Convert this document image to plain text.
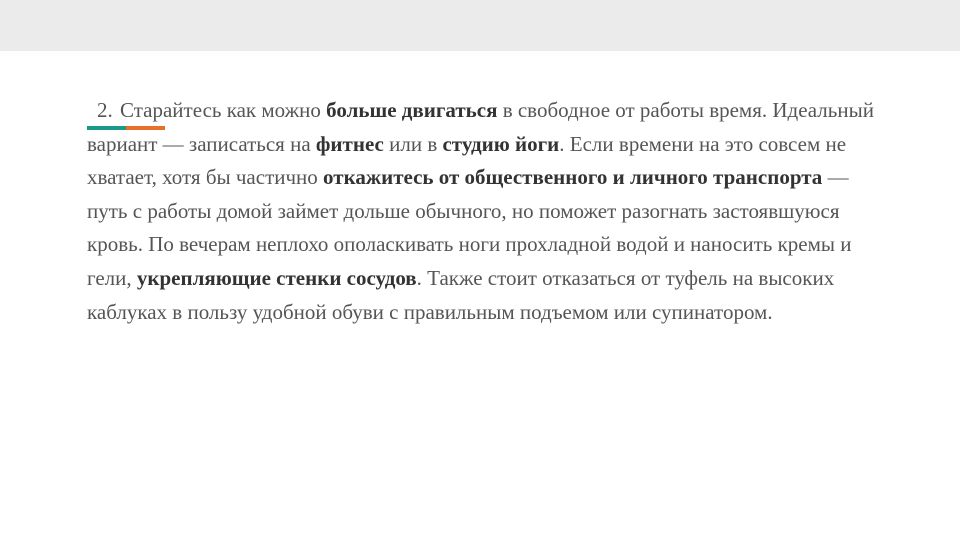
2. Старайтесь как можно больше двигаться в свободное от работы время. Идеальный вариант — записаться на фитнес или в студию йоги. Если времени на это совсем не хватает, хотя бы частично откажитесь от общественного и личного транспорта — путь с работы домой займет дольше обычного, но поможет разогнать застоявшуюся кровь. По вечерам неплохо ополаскивать ноги прохладной водой и наносить кремы и гели, укрепляющие стенки сосудов. Также стоит отказаться от туфель на высоких каблуках в пользу удобной обуви с правильным подъемом или супинатором.
